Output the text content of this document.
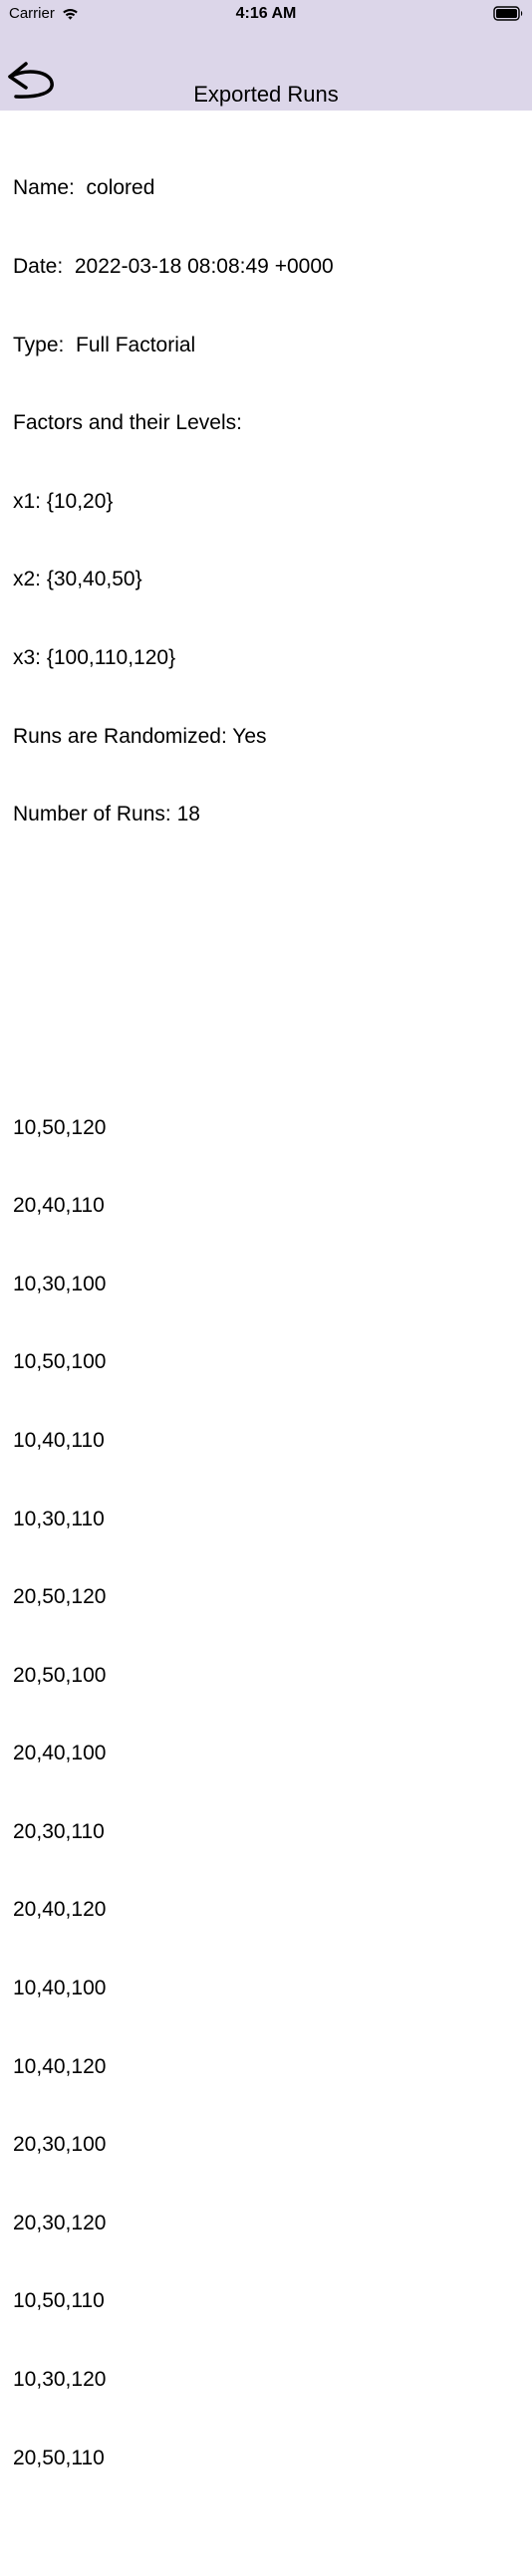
Carrier	4:16 AM
Exported Runs

Name:  colored

Date:  2022-03-18 08:08:49 +0000

Type:  Full Factorial

Factors and their Levels:

x1: {10,20}

x2: {30,40,50}

x3: {100,110,120}

Runs are Randomized: Yes

Number of Runs: 18

10,50,120

20,40,110

10,30,100

10,50,100

10,40,110

10,30,110

20,50,120

20,50,100

20,40,100

20,30,110

20,40,120

10,40,100

10,40,120

20,30,100

20,30,120

10,50,110

10,30,120

20,50,110
